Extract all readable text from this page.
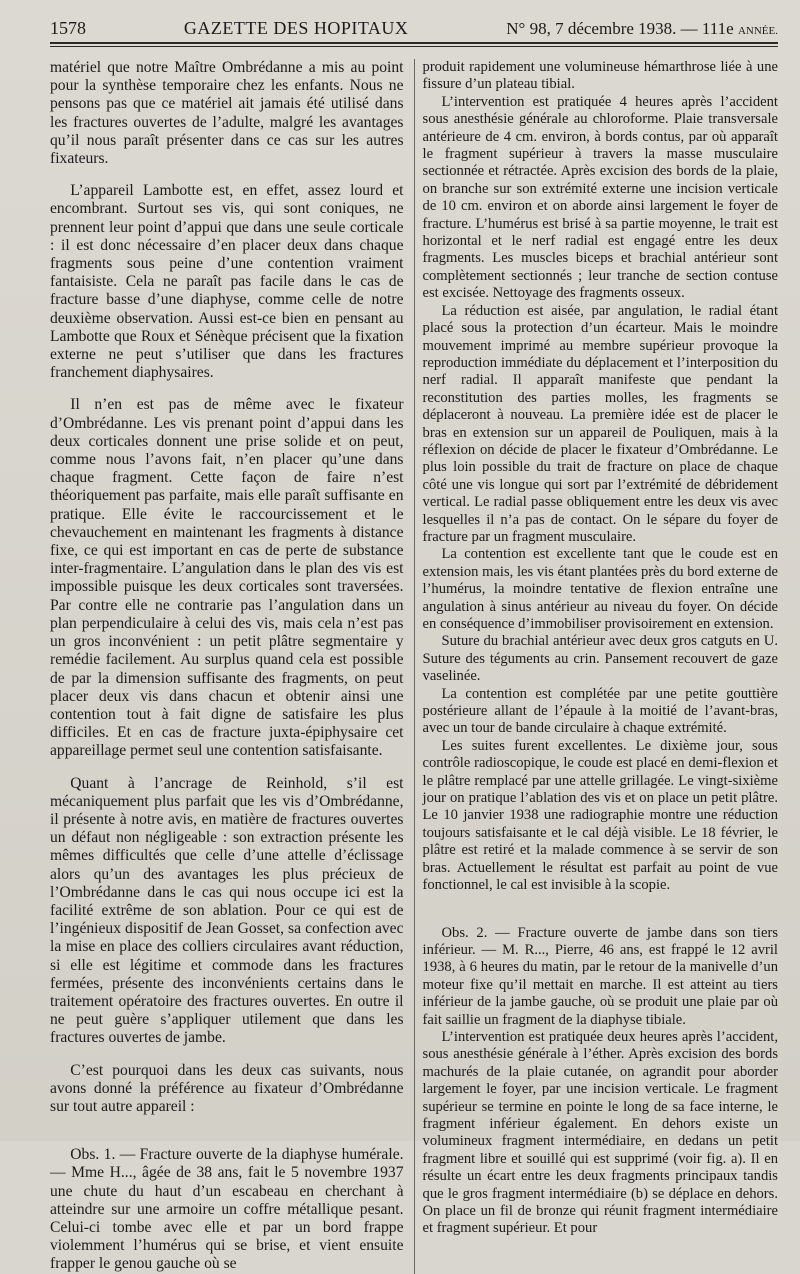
1578	GAZETTE DES HOPITAUX	N° 98, 7 décembre 1938. — 111e ANNÉE.

matériel que notre Maître Ombrédanne a mis au point pour la synthèse temporaire chez les enfants. Nous ne pensons pas que ce matériel ait jamais été utilisé dans les fractures ouvertes de l’adulte, malgré les avantages qu’il nous paraît présenter dans ce cas sur les autres fixateurs.

L’appareil Lambotte est, en effet, assez lourd et encombrant. Surtout ses vis, qui sont coniques, ne prennent leur point d’appui que dans une seule corticale : il est donc nécessaire d’en placer deux dans chaque fragments sous peine d’une contention vraiment fantaisiste. Cela ne paraît pas facile dans le cas de fracture basse d’une diaphyse, comme celle de notre deuxième observation. Aussi est-ce bien en pensant au Lambotte que Roux et Sénèque précisent que la fixation externe ne peut s’utiliser que dans les fractures franchement diaphysaires.

Il n’en est pas de même avec le fixateur d’Ombrédanne. Les vis prenant point d’appui dans les deux corticales donnent une prise solide et on peut, comme nous l’avons fait, n’en placer qu’une dans chaque fragment. Cette façon de faire n’est théoriquement pas parfaite, mais elle paraît suffisante en pratique. Elle évite le raccourcissement et le chevauchement en maintenant les fragments à distance fixe, ce qui est important en cas de perte de substance inter-fragmentaire. L’angulation dans le plan des vis est impossible puisque les deux corticales sont traversées. Par contre elle ne contrarie pas l’angulation dans un plan perpendiculaire à celui des vis, mais cela n’est pas un gros inconvénient : un petit plâtre segmentaire y remédie facilement. Au surplus quand cela est possible de par la dimension suffisante des fragments, on peut placer deux vis dans chacun et obtenir ainsi une contention tout à fait digne de satisfaire les plus difficiles. Et en cas de fracture juxta-épiphysaire cet appareillage permet seul une contention satisfaisante.

Quant à l’ancrage de Reinhold, s’il est mécaniquement plus parfait que les vis d’Ombrédanne, il présente à notre avis, en matière de fractures ouvertes un défaut non négligeable : son extraction présente les mêmes difficultés que celle d’une attelle d’éclissage alors qu’un des avantages les plus précieux de l’Ombrédanne dans le cas qui nous occupe ici est la facilité extrême de son ablation. Pour ce qui est de l’ingénieux dispositif de Jean Gosset, sa confection avec la mise en place des colliers circulaires avant réduction, si elle est légitime et commode dans les fractures fermées, présente des inconvénients certains dans le traitement opératoire des fractures ouvertes. En outre il ne peut guère s’appliquer utilement que dans les fractures ouvertes de jambe.

C’est pourquoi dans les deux cas suivants, nous avons donné la préférence au fixateur d’Ombrédanne sur tout autre appareil :

Obs. 1. — Fracture ouverte de la diaphyse humérale. — Mme H..., âgée de 38 ans, fait le 5 novembre 1937 une chute du haut d’un escabeau en cherchant à atteindre sur une armoire un coffre métallique pesant. Celui-ci tombe avec elle et par un bord frappe violemment l’humérus qui se brise, et vient ensuite frapper le genou gauche où se

produit rapidement une volumineuse hémarthrose liée à une fissure d’un plateau tibial.

L’intervention est pratiquée 4 heures après l’accident sous anesthésie générale au chloroforme. Plaie transversale antérieure de 4 cm. environ, à bords contus, par où apparaît le fragment supérieur à travers la masse musculaire sectionnée et rétractée. Après excision des bords de la plaie, on branche sur son extrémité externe une incision verticale de 10 cm. environ et on aborde ainsi largement le foyer de fracture. L’humérus est brisé à sa partie moyenne, le trait est horizontal et le nerf radial est engagé entre les deux fragments. Les muscles biceps et brachial antérieur sont complètement sectionnés ; leur tranche de section contuse est excisée. Nettoyage des fragments osseux.

La réduction est aisée, par angulation, le radial étant placé sous la protection d’un écarteur. Mais le moindre mouvement imprimé au membre supérieur provoque la reproduction immédiate du déplacement et l’interposition du nerf radial. Il apparaît manifeste que pendant la reconstitution des parties molles, les fragments se déplaceront à nouveau. La première idée est de placer le bras en extension sur un appareil de Pouliquen, mais à la réflexion on décide de placer le fixateur d’Ombrédanne. Le plus loin possible du trait de fracture on place de chaque côté une vis longue qui sort par l’extrémité de débridement vertical. Le radial passe obliquement entre les deux vis avec lesquelles il n’a pas de contact. On le sépare du foyer de fracture par un fragment musculaire.

La contention est excellente tant que le coude est en extension mais, les vis étant plantées près du bord externe de l’humérus, la moindre tentative de flexion entraîne une angulation à sinus antérieur au niveau du foyer. On décide en conséquence d’immobiliser provisoirement en extension.

Suture du brachial antérieur avec deux gros catguts en U. Suture des téguments au crin. Pansement recouvert de gaze vaselinée.

La contention est complétée par une petite gouttière postérieure allant de l’épaule à la moitié de l’avant-bras, avec un tour de bande circulaire à chaque extrémité.

Les suites furent excellentes. Le dixième jour, sous contrôle radioscopique, le coude est placé en demi-flexion et le plâtre remplacé par une attelle grillagée. Le vingt-sixième jour on pratique l’ablation des vis et on place un petit plâtre. Le 10 janvier 1938 une radiographie montre une réduction toujours satisfaisante et le cal déjà visible. Le 18 février, le plâtre est retiré et la malade commence à se servir de son bras. Actuellement le résultat est parfait au point de vue fonctionnel, le cal est invisible à la scopie.

Obs. 2. — Fracture ouverte de jambe dans son tiers inférieur. — M. R..., Pierre, 46 ans, est frappé le 12 avril 1938, à 6 heures du matin, par le retour de la manivelle d’un moteur fixe qu’il mettait en marche. Il est atteint au tiers inférieur de la jambe gauche, où se produit une plaie par où fait saillie un fragment de la diaphyse tibiale.

L’intervention est pratiquée deux heures après l’accident, sous anesthésie générale à l’éther. Après excision des bords machurés de la plaie cutanée, on agrandit pour aborder largement le foyer, par une incision verticale. Le fragment supérieur se termine en pointe le long de sa face interne, le fragment inférieur également. En dehors existe un volumineux fragment intermédiaire, en dedans un petit fragment libre et souillé qui est supprimé (voir fig. a). Il en résulte un écart entre les deux fragments principaux tandis que le gros fragment intermédiaire (b) se déplace en dehors. On place un fil de bronze qui réunit fragment intermédiaire et fragment supérieur. Et pour
